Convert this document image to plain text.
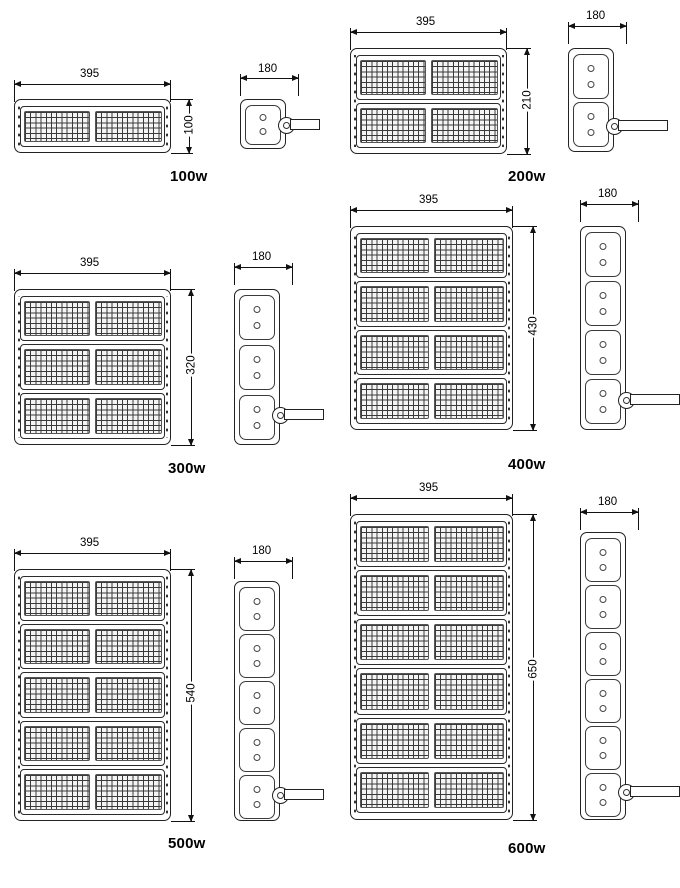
395
100
180
100w
395
210
180
200w
395
320
180
300w
395
430
180
400w
395
540
180
500w
395
650
180
600w
